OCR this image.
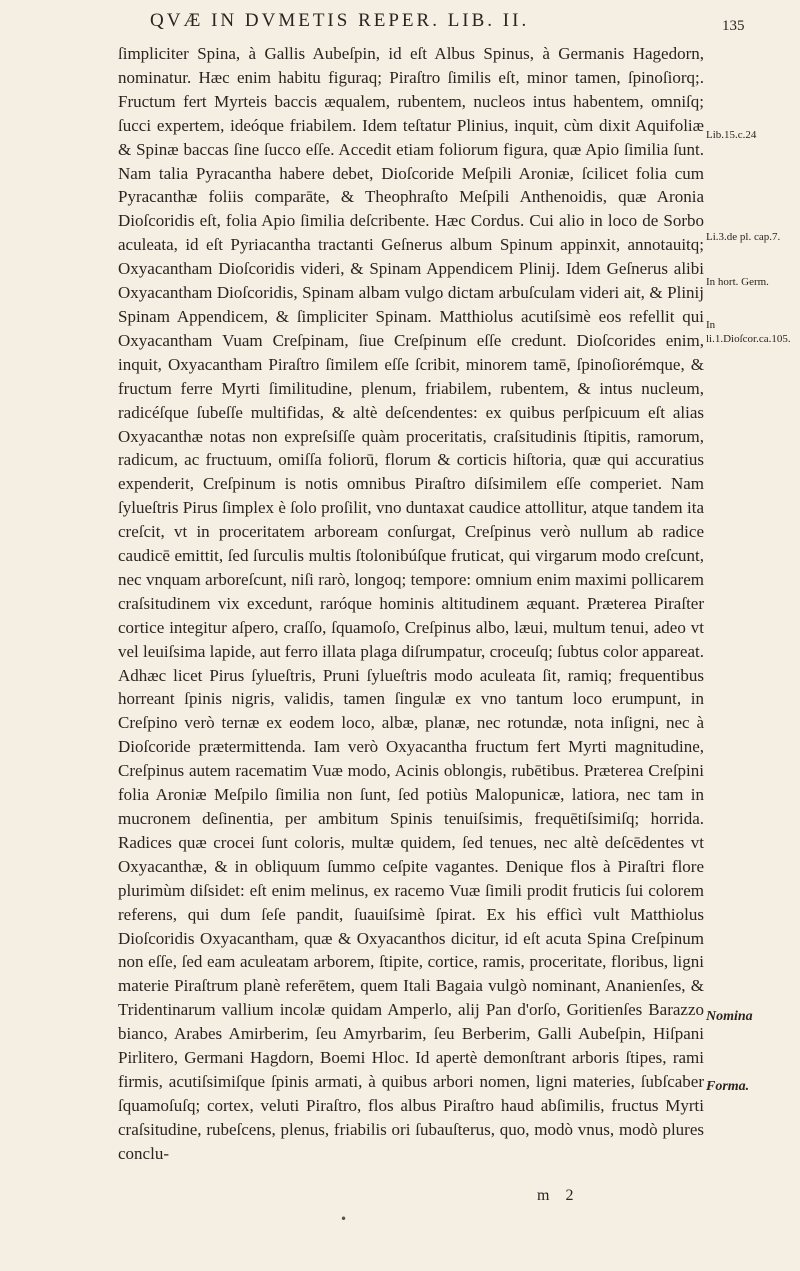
QVÆ IN DVMETIS REPER. LIB. II.	135

ſimpliciter Spina, à Gallis Aubeſpin, id eſt Albus Spinus, à Germanis Hagedorn, nominatur. Hæc enim habitu figuraq; Piraſtro ſimilis eſt, minor tamen, ſpinoſiorq;. Fructum fert Myrteis baccis æqualem, rubentem, nucleos intus habentem, omniſq; ſucci expertem, ideóque friabilem. Idem teſtatur Plinius, inquit, cùm dixit Aquifoliæ & Spinæ baccas ſine ſucco eſſe. Accedit etiam foliorum figura, quæ Apio ſimilia ſunt. Nam talia Pyracantha habere debet, Dioſcoride Meſpili Aroniæ, ſcilicet folia cum Pyracanthæ foliis comparāte, & Theophraſto Meſpili Anthenoidis, quæ Aronia Dioſcoridis eſt, folia Apio ſimilia deſcribente. Hæc Cordus. Cui alio in loco de Sorbo aculeata, id eſt Pyriacantha tractanti Geſnerus album Spinum appinxit, annotauitq; Oxyacantham Dioſcoridis videri, & Spinam Appendicem Plinij. Idem Geſnerus alibi Oxyacantham Dioſcoridis, Spinam albam vulgo dictam arbuſculam videri ait, & Plinij Spinam Appendicem, & ſimpliciter Spinam. Matthiolus acutiſsimè eos refellit qui Oxyacantham Vuam Creſpinam, ſiue Creſpinum eſſe credunt. Dioſcorides enim, inquit, Oxyacantham Piraſtro ſimilem eſſe ſcribit, minorem tamē, ſpinoſiorémque, & fructum ferre Myrti ſimilitudine, plenum, friabilem, rubentem, & intus nucleum, radicéſque ſubeſſe multifidas, & altè deſcendentes: ex quibus perſpicuum eſt alias Oxyacanthæ notas non expreſsiſſe quàm proceritatis, craſsitudinis ſtipitis, ramorum, radicum, ac fructuum, omiſſa foliorū, florum & corticis hiſtoria, quæ qui accuratius expenderit, Creſpinum is notis omnibus Piraſtro diſsimilem eſſe comperiet. Nam ſylueſtris Pirus ſimplex è ſolo proſilit, vno duntaxat caudice attollitur, atque tandem ita creſcit, vt in proceritatem arboream conſurgat, Creſpinus verò nullum ab radice caudicē emittit, ſed ſurculis multis ſtolonibúſque fruticat, qui virgarum modo creſcunt, nec vnquam arboreſcunt, niſi rarò, longoq; tempore: omnium enim maximi pollicarem craſsitudinem vix excedunt, raróque hominis altitudinem æquant. Præterea Piraſter cortice integitur aſpero, craſſo, ſquamoſo, Creſpinus albo, læui, multum tenui, adeo vt vel leuiſsima lapide, aut ferro illata plaga diſrumpatur, croceuſq; ſubtus color appareat. Adhæc licet Pirus ſylueſtris, Pruni ſylueſtris modo aculeata ſit, ramiq; frequentibus horreant ſpinis nigris, validis, tamen ſingulæ ex vno tantum loco erumpunt, in Creſpino verò ternæ ex eodem loco, albæ, planæ, nec rotundæ, nota inſigni, nec à Dioſcoride prætermittenda. Iam verò Oxyacantha fructum fert Myrti magnitudine, Creſpinus autem racematim Vuæ modo, Acinis oblongis, rubētibus. Præterea Creſpini folia Aroniæ Meſpilo ſimilia non ſunt, ſed potiùs Malopunicæ, latiora, nec tam in mucronem deſinentia, per ambitum Spinis tenuiſsimis, frequētiſsimiſq; horrida. Radices quæ crocei ſunt coloris, multæ quidem, ſed tenues, nec altè deſcēdentes vt Oxyacanthæ, & in obliquum ſummo ceſpite vagantes. Denique flos à Piraſtri flore plurimùm diſsidet: eſt enim melinus, ex racemo Vuæ ſimili prodit fruticis ſui colorem referens, qui dum ſeſe pandit, ſuauiſsimè ſpirat. Ex his efficì vult Matthiolus Dioſcoridis Oxyacantham, quæ & Oxyacanthos dicitur, id eſt acuta Spina Creſpinum non eſſe, ſed eam aculeatam arborem, ſtipite, cortice, ramis, proceritate, floribus, ligni materie Piraſtrum planè referētem, quem Itali Bagaia vulgò nominant, Ananienſes, & Tridentinarum vallium incolæ quidam Amperlo, alij Pan d'orſo, Goritienſes Barazzo bianco, Arabes Amirberim, ſeu Amyrbarim, ſeu Berberim, Galli Aubeſpin, Hiſpani Pirlitero, Germani Hagdorn, Boemi Hloc. Id apertè demonſtrant arboris ſtipes, rami firmis, acutiſsimiſque ſpinis armati, à quibus arbori nomen, ligni materies, ſubſcaber ſquamoſuſq; cortex, veluti Piraſtro, flos albus Piraſtro haud abſimilis, fructus Myrti craſsitudine, rubeſcens, plenus, friabilis ori ſubauſterus, quo, modò vnus, modò plures conclu-

Lib.15.c.24
Li.3.de pl. cap.7.
In hort. Germ.
In li.1.Dioſcor.ca.105.
Nomina
Forma.
m 2
•
